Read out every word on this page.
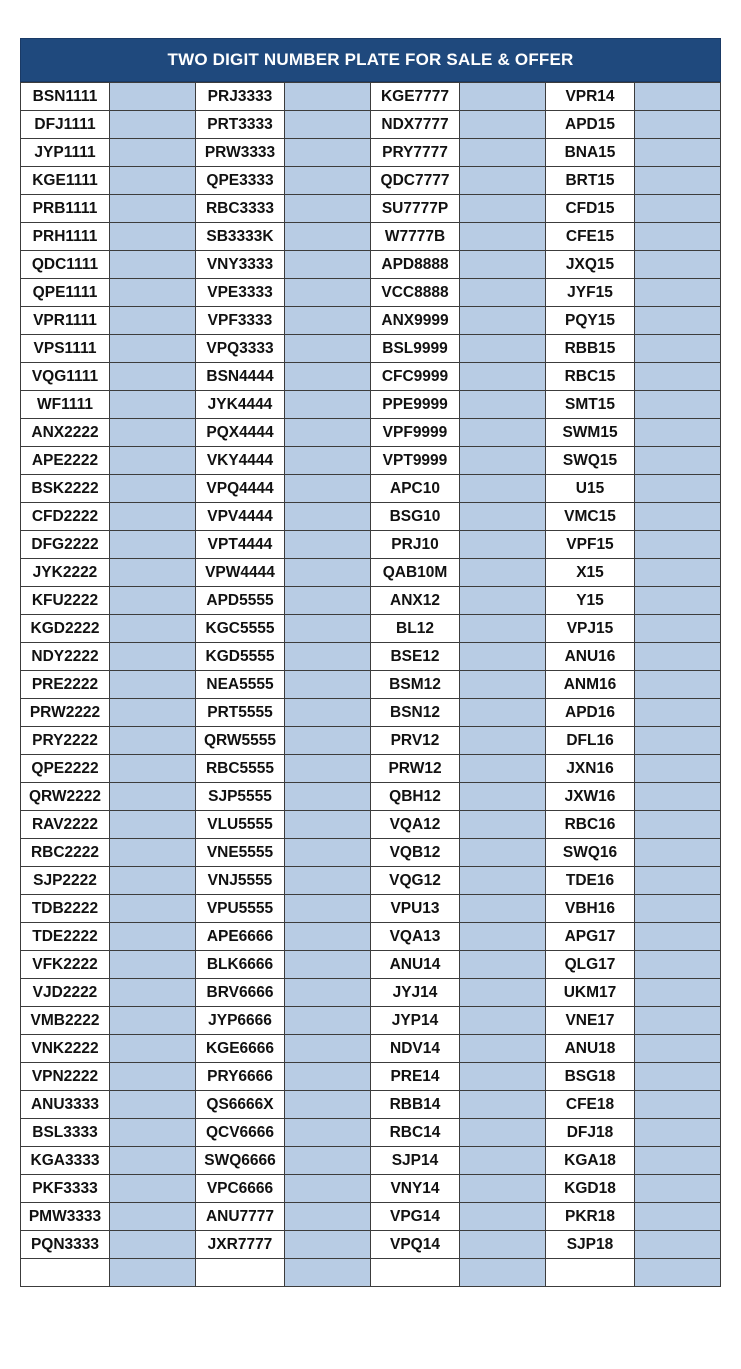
TWO DIGIT NUMBER PLATE FOR SALE & OFFER
BSN1111		PRJ3333		KGE7777		VPR14	
DFJ1111		PRT3333		NDX7777		APD15	
JYP1111		PRW3333		PRY7777		BNA15	
KGE1111		QPE3333		QDC7777		BRT15	
PRB1111		RBC3333		SU7777P		CFD15	
PRH1111		SB3333K		W7777B		CFE15	
QDC1111		VNY3333		APD8888		JXQ15	
QPE1111		VPE3333		VCC8888		JYF15	
VPR1111		VPF3333		ANX9999		PQY15	
VPS1111		VPQ3333		BSL9999		RBB15	
VQG1111		BSN4444		CFC9999		RBC15	
WF1111		JYK4444		PPE9999		SMT15	
ANX2222		PQX4444		VPF9999		SWM15	
APE2222		VKY4444		VPT9999		SWQ15	
BSK2222		VPQ4444		APC10		U15	
CFD2222		VPV4444		BSG10		VMC15	
DFG2222		VPT4444		PRJ10		VPF15	
JYK2222		VPW4444		QAB10M		X15	
KFU2222		APD5555		ANX12		Y15	
KGD2222		KGC5555		BL12		VPJ15	
NDY2222		KGD5555		BSE12		ANU16	
PRE2222		NEA5555		BSM12		ANM16	
PRW2222		PRT5555		BSN12		APD16	
PRY2222		QRW5555		PRV12		DFL16	
QPE2222		RBC5555		PRW12		JXN16	
QRW2222		SJP5555		QBH12		JXW16	
RAV2222		VLU5555		VQA12		RBC16	
RBC2222		VNE5555		VQB12		SWQ16	
SJP2222		VNJ5555		VQG12		TDE16	
TDB2222		VPU5555		VPU13		VBH16	
TDE2222		APE6666		VQA13		APG17	
VFK2222		BLK6666		ANU14		QLG17	
VJD2222		BRV6666		JYJ14		UKM17	
VMB2222		JYP6666		JYP14		VNE17	
VNK2222		KGE6666		NDV14		ANU18	
VPN2222		PRY6666		PRE14		BSG18	
ANU3333		QS6666X		RBB14		CFE18	
BSL3333		QCV6666		RBC14		DFJ18	
KGA3333		SWQ6666		SJP14		KGA18	
PKF3333		VPC6666		VNY14		KGD18	
PMW3333		ANU7777		VPG14		PKR18	
PQN3333		JXR7777		VPQ14		SJP18	
